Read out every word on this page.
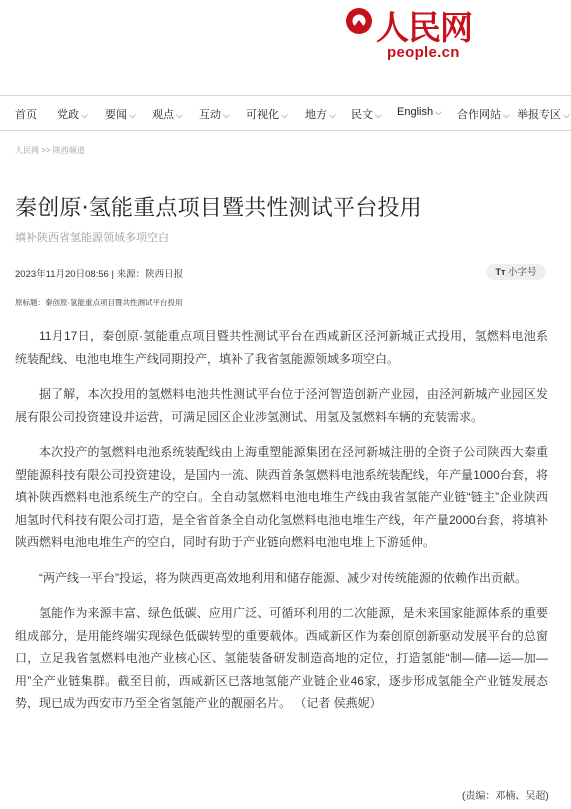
人民网
people.cn
首页 党政 ⌵ 要闻 ⌵ 观点 ⌵ 互动 ⌵ 可视化 ⌵ 地方 ⌵ 民文 ⌵ English ⌵ 合作网站 ⌵ 举报专区 ⌵
人民网 >> 陕西频道
秦创原·氢能重点项目暨共性测试平台投用
填补陕西省氢能源领域多项空白
2023年11月20日08:56 | 来源：陕西日报	Tт 小字号
原标题：秦创原·氢能重点项目暨共性测试平台投用

11月17日，秦创原·氢能重点项目暨共性测试平台在西咸新区泾河新城正式投用，氢燃料电池系统装配线、电池电堆生产线同期投产，填补了我省氢能源领域多项空白。

据了解，本次投用的氢燃料电池共性测试平台位于泾河智造创新产业园，由泾河新城产业园区发展有限公司投资建设并运营，可满足园区企业涉氢测试、用氢及氢燃料车辆的充装需求。

本次投产的氢燃料电池系统装配线由上海重塑能源集团在泾河新城注册的全资子公司陕西大秦重塑能源科技有限公司投资建设，是国内一流、陕西首条氢燃料电池系统装配线，年产量1000台套，将填补陕西燃料电池系统生产的空白。全自动氢燃料电池电堆生产线由我省氢能产业链“链主”企业陕西旭氢时代科技有限公司打造，是全省首条全自动化氢燃料电池电堆生产线，年产量2000台套，将填补陕西燃料电池电堆生产的空白，同时有助于产业链向燃料电池电堆上下游延伸。

“两产线一平台”投运，将为陕西更高效地利用和储存能源、减少对传统能源的依赖作出贡献。

氢能作为来源丰富、绿色低碳、应用广泛、可循环利用的二次能源，是未来国家能源体系的重要组成部分，是用能终端实现绿色低碳转型的重要载体。西咸新区作为秦创原创新驱动发展平台的总窗口，立足我省氢燃料电池产业核心区、氢能装备研发制造高地的定位，打造氢能“制—储—运—加—用”全产业链集群。截至目前，西咸新区已落地氢能产业链企业46家，逐步形成氢能全产业链发展态势，现已成为西安市乃至全省氢能产业的靓丽名片。 （记者 侯燕妮）

(责编：邓楠、吴超)
